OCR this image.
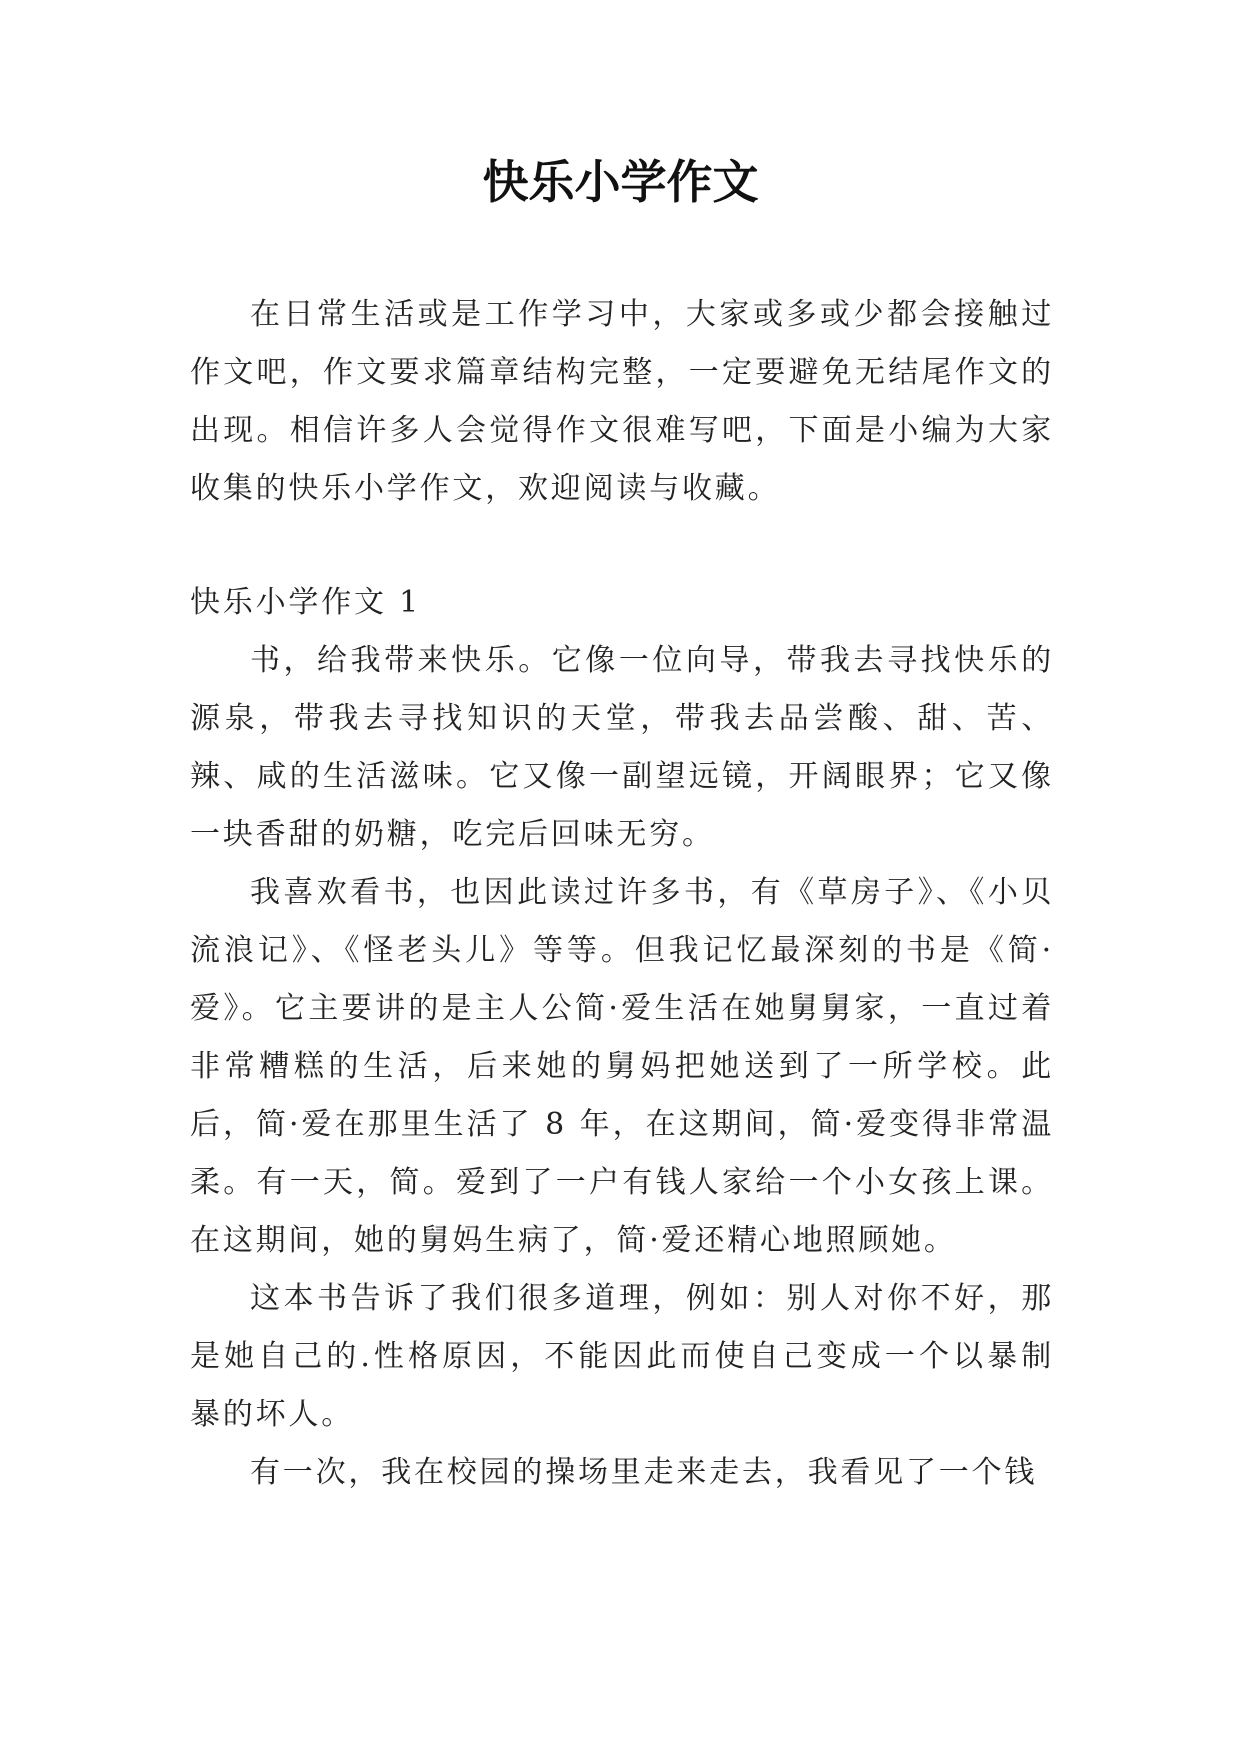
快乐小学作文

在日常生活或是工作学习中，大家或多或少都会接触过作文吧，作文要求篇章结构完整，一定要避免无结尾作文的出现。相信许多人会觉得作文很难写吧，下面是小编为大家收集的快乐小学作文，欢迎阅读与收藏。

快乐小学作文 1

书，给我带来快乐。它像一位向导，带我去寻找快乐的源泉，带我去寻找知识的天堂，带我去品尝酸、甜、苦、辣、咸的生活滋味。它又像一副望远镜，开阔眼界；它又像一块香甜的奶糖，吃完后回味无穷。

我喜欢看书，也因此读过许多书，有《草房子》、《小贝流浪记》、《怪老头儿》等等。但我记忆最深刻的书是《简·爱》。它主要讲的是主人公简·爱生活在她舅舅家，一直过着非常糟糕的生活，后来她的舅妈把她送到了一所学校。此后，简·爱在那里生活了 8 年，在这期间，简·爱变得非常温柔。有一天，简。爱到了一户有钱人家给一个小女孩上课。在这期间，她的舅妈生病了，简·爱还精心地照顾她。

这本书告诉了我们很多道理，例如：别人对你不好，那是她自己的.性格原因，不能因此而使自己变成一个以暴制暴的坏人。

有一次，我在校园的操场里走来走去，我看见了一个钱
